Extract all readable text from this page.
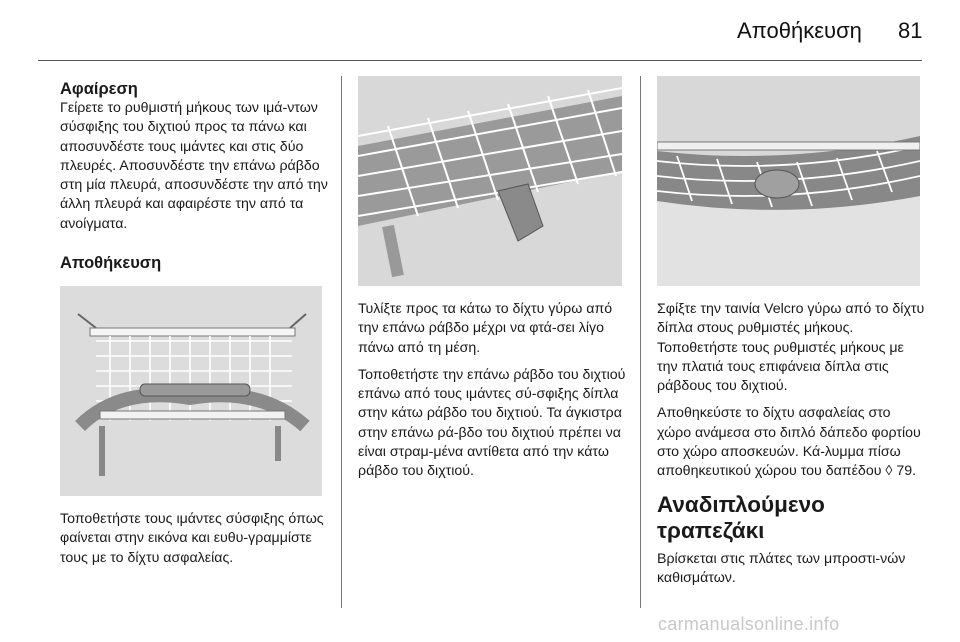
Αποθήκευση 81
Αφαίρεση

Γείρετε το ρυθμιστή μήκους των ιμά-ντων σύσφιξης του διχτιού προς τα πάνω και αποσυνδέστε τους ιμάντες και στις δύο πλευρές. Αποσυνδέστε την επάνω ράβδο στη μία πλευρά, αποσυνδέστε την από την άλλη πλευρά και αφαιρέστε την από τα ανοίγματα.

Αποθήκευση

Τοποθετήστε τους ιμάντες σύσφιξης όπως φαίνεται στην εικόνα και ευθυ-γραμμίστε τους με το δίχτυ ασφαλείας.

Τυλίξτε προς τα κάτω το δίχτυ γύρω από την επάνω ράβδο μέχρι να φτά-σει λίγο πάνω από τη μέση.

Τοποθετήστε την επάνω ράβδο του διχτιού επάνω από τους ιμάντες σύ-σφιξης δίπλα στην κάτω ράβδο του διχτιού. Τα άγκιστρα στην επάνω ρά-βδο του διχτιού πρέπει να είναι στραμ-μένα αντίθετα από την κάτω ράβδο του διχτιού.

Σφίξτε την ταινία Velcro γύρω από το δίχτυ δίπλα στους ρυθμιστές μήκους. Τοποθετήστε τους ρυθμιστές μήκους με την πλατιά τους επιφάνεια δίπλα στις ράβδους του διχτιού.

Αποθηκεύστε το δίχτυ ασφαλείας στο χώρο ανάμεσα στο διπλό δάπεδο φορτίου στο χώρο αποσκευών. Κά-λυμμα πίσω αποθηκευτικού χώρου του δαπέδου ◊ 79.

Αναδιπλούμενο τραπεζάκι

Βρίσκεται στις πλάτες των μπροστι-νών καθισμάτων.

carmanualsonline.info
